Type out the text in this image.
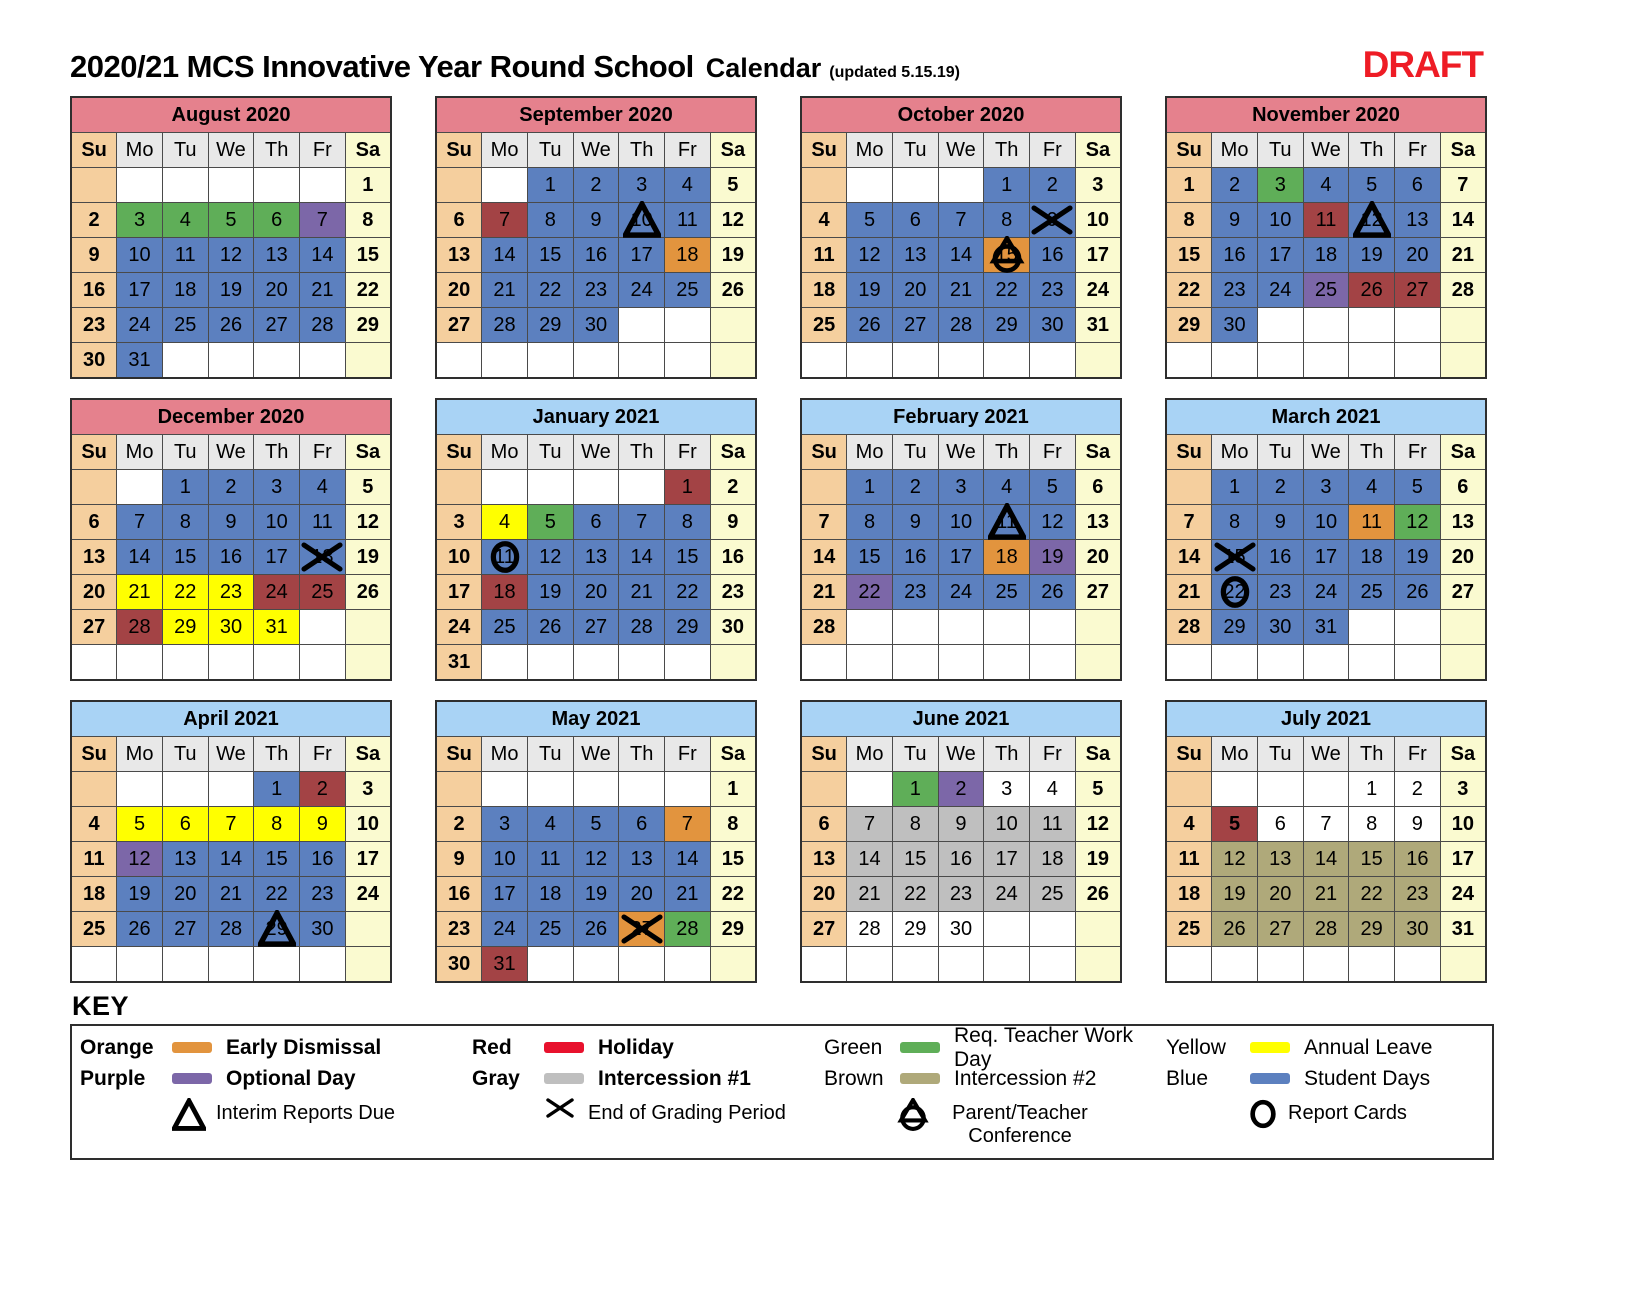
2020/21 MCS Innovative Year Round School Calendar (updated 5.15.19)	DRAFT
August 2020						
Su	Mo	Tu	We	Th	Fr	Sa
						1
2	3	4	5	6	7	8
9	10	11	12	13	14	15
16	17	18	19	20	21	22
23	24	25	26	27	28	29
30	31					
September 2020						
Su	Mo	Tu	We	Th	Fr	Sa
		1	2	3	4	5
6	7	8	9	10	11	12
13	14	15	16	17	18	19
20	21	22	23	24	25	26
27	28	29	30			

October 2020						
Su	Mo	Tu	We	Th	Fr	Sa
				1	2	3
4	5	6	7	8	9	10
11	12	13	14	15	16	17
18	19	20	21	22	23	24
25	26	27	28	29	30	31

November 2020						
Su	Mo	Tu	We	Th	Fr	Sa
1	2	3	4	5	6	7
8	9	10	11	12	13	14
15	16	17	18	19	20	21
22	23	24	25	26	27	28
29	30					

December 2020						
Su	Mo	Tu	We	Th	Fr	Sa
		1	2	3	4	5
6	7	8	9	10	11	12
13	14	15	16	17	18	19
20	21	22	23	24	25	26
27	28	29	30	31		

January 2021						
Su	Mo	Tu	We	Th	Fr	Sa
					1	2
3	4	5	6	7	8	9
10	11	12	13	14	15	16
17	18	19	20	21	22	23
24	25	26	27	28	29	30
31						
February 2021						
Su	Mo	Tu	We	Th	Fr	Sa
	1	2	3	4	5	6
7	8	9	10	11	12	13
14	15	16	17	18	19	20
21	22	23	24	25	26	27
28						

March 2021						
Su	Mo	Tu	We	Th	Fr	Sa
	1	2	3	4	5	6
7	8	9	10	11	12	13
14	15	16	17	18	19	20
21	22	23	24	25	26	27
28	29	30	31			

April 2021						
Su	Mo	Tu	We	Th	Fr	Sa
				1	2	3
4	5	6	7	8	9	10
11	12	13	14	15	16	17
18	19	20	21	22	23	24
25	26	27	28	29	30	

May 2021						
Su	Mo	Tu	We	Th	Fr	Sa
						1
2	3	4	5	6	7	8
9	10	11	12	13	14	15
16	17	18	19	20	21	22
23	24	25	26	27	28	29
30	31					
June 2021						
Su	Mo	Tu	We	Th	Fr	Sa
		1	2	3	4	5
6	7	8	9	10	11	12
13	14	15	16	17	18	19
20	21	22	23	24	25	26
27	28	29	30			

July 2021						
Su	Mo	Tu	We	Th	Fr	Sa
				1	2	3
4	5	6	7	8	9	10
11	12	13	14	15	16	17
18	19	20	21	22	23	24
25	26	27	28	29	30	31

KEY
Orange	Early Dismissal
Purple	Optional Day
Interim Reports Due
Red	Holiday
Gray	Intercession #1
End of Grading Period
Green
Req. Teacher Work Day
Brown	Intercession #2
Parent/Teacher Conference
Yellow	Annual Leave
Blue	Student Days
Report Cards
